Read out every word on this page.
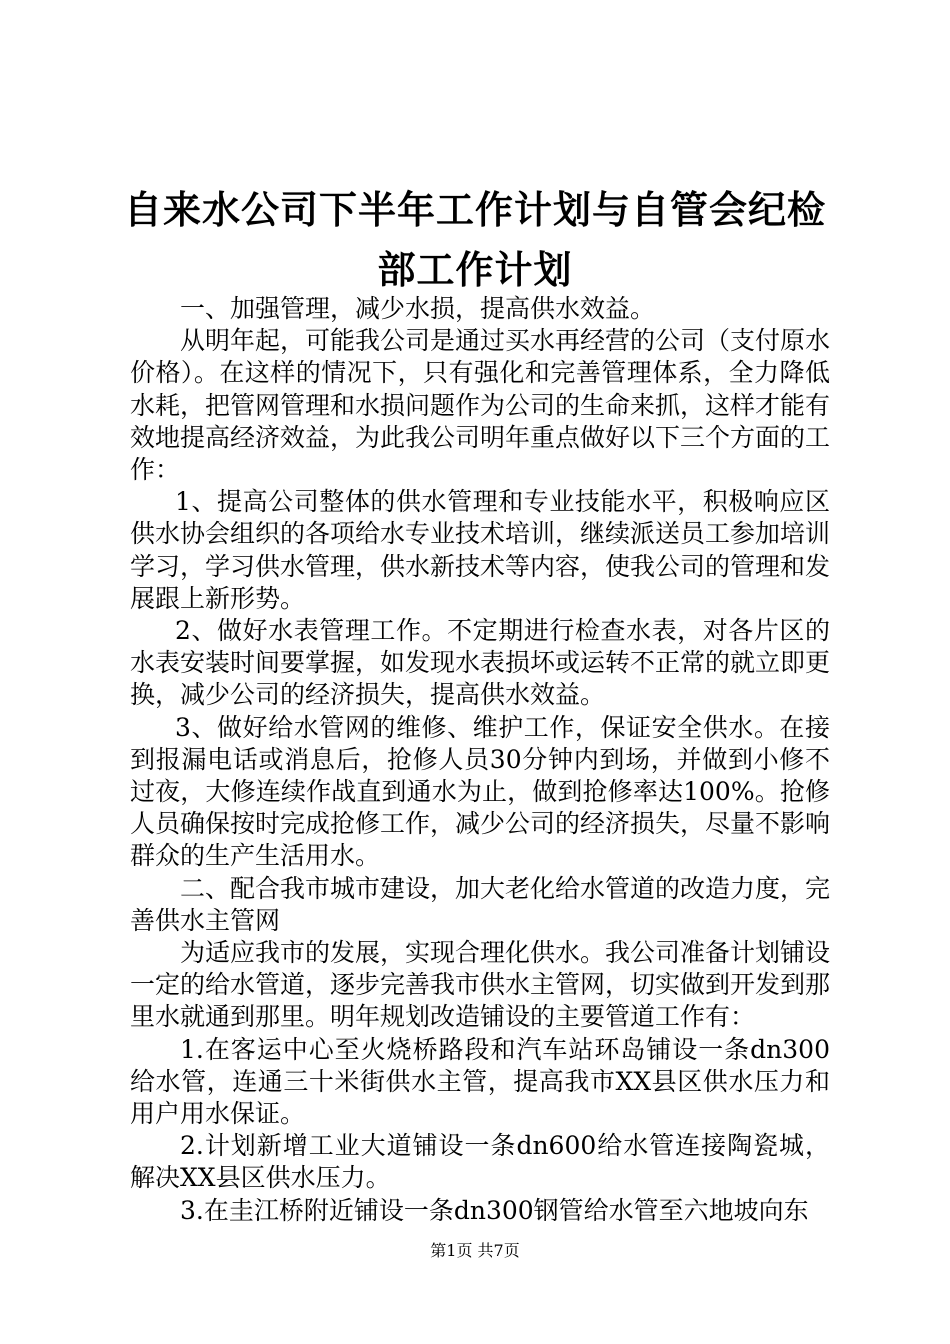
自来水公司下半年工作计划与自管会纪检部工作计划

一、加强管理，减少水损，提高供水效益。

从明年起，可能我公司是通过买水再经营的公司（支付原水价格）。在这样的情况下，只有强化和完善管理体系，全力降低水耗，把管网管理和水损问题作为公司的生命来抓，这样才能有效地提高经济效益，为此我公司明年重点做好以下三个方面的工作：

1、提高公司整体的供水管理和专业技能水平，积极响应区供水协会组织的各项给水专业技术培训，继续派送员工参加培训学习，学习供水管理，供水新技术等内容，使我公司的管理和发展跟上新形势。

2、做好水表管理工作。不定期进行检查水表，对各片区的水表安装时间要掌握，如发现水表损坏或运转不正常的就立即更换，减少公司的经济损失，提高供水效益。

3、做好给水管网的维修、维护工作，保证安全供水。在接到报漏电话或消息后，抢修人员30分钟内到场，并做到小修不过夜，大修连续作战直到通水为止，做到抢修率达100%。抢修人员确保按时完成抢修工作，减少公司的经济损失，尽量不影响群众的生产生活用水。

二、配合我市城市建设，加大老化给水管道的改造力度，完善供水主管网

为适应我市的发展，实现合理化供水。我公司准备计划铺设一定的给水管道，逐步完善我市供水主管网，切实做到开发到那里水就通到那里。明年规划改造铺设的主要管道工作有：

1.在客运中心至火烧桥路段和汽车站环岛铺设一条dn300给水管，连通三十米街供水主管，提高我市XX县区供水压力和用户用水保证。

2.计划新增工业大道铺设一条dn600给水管连接陶瓷城，解决XX县区供水压力。

3.在圭江桥附近铺设一条dn300钢管给水管至六地坡向东

第1页 共7页
